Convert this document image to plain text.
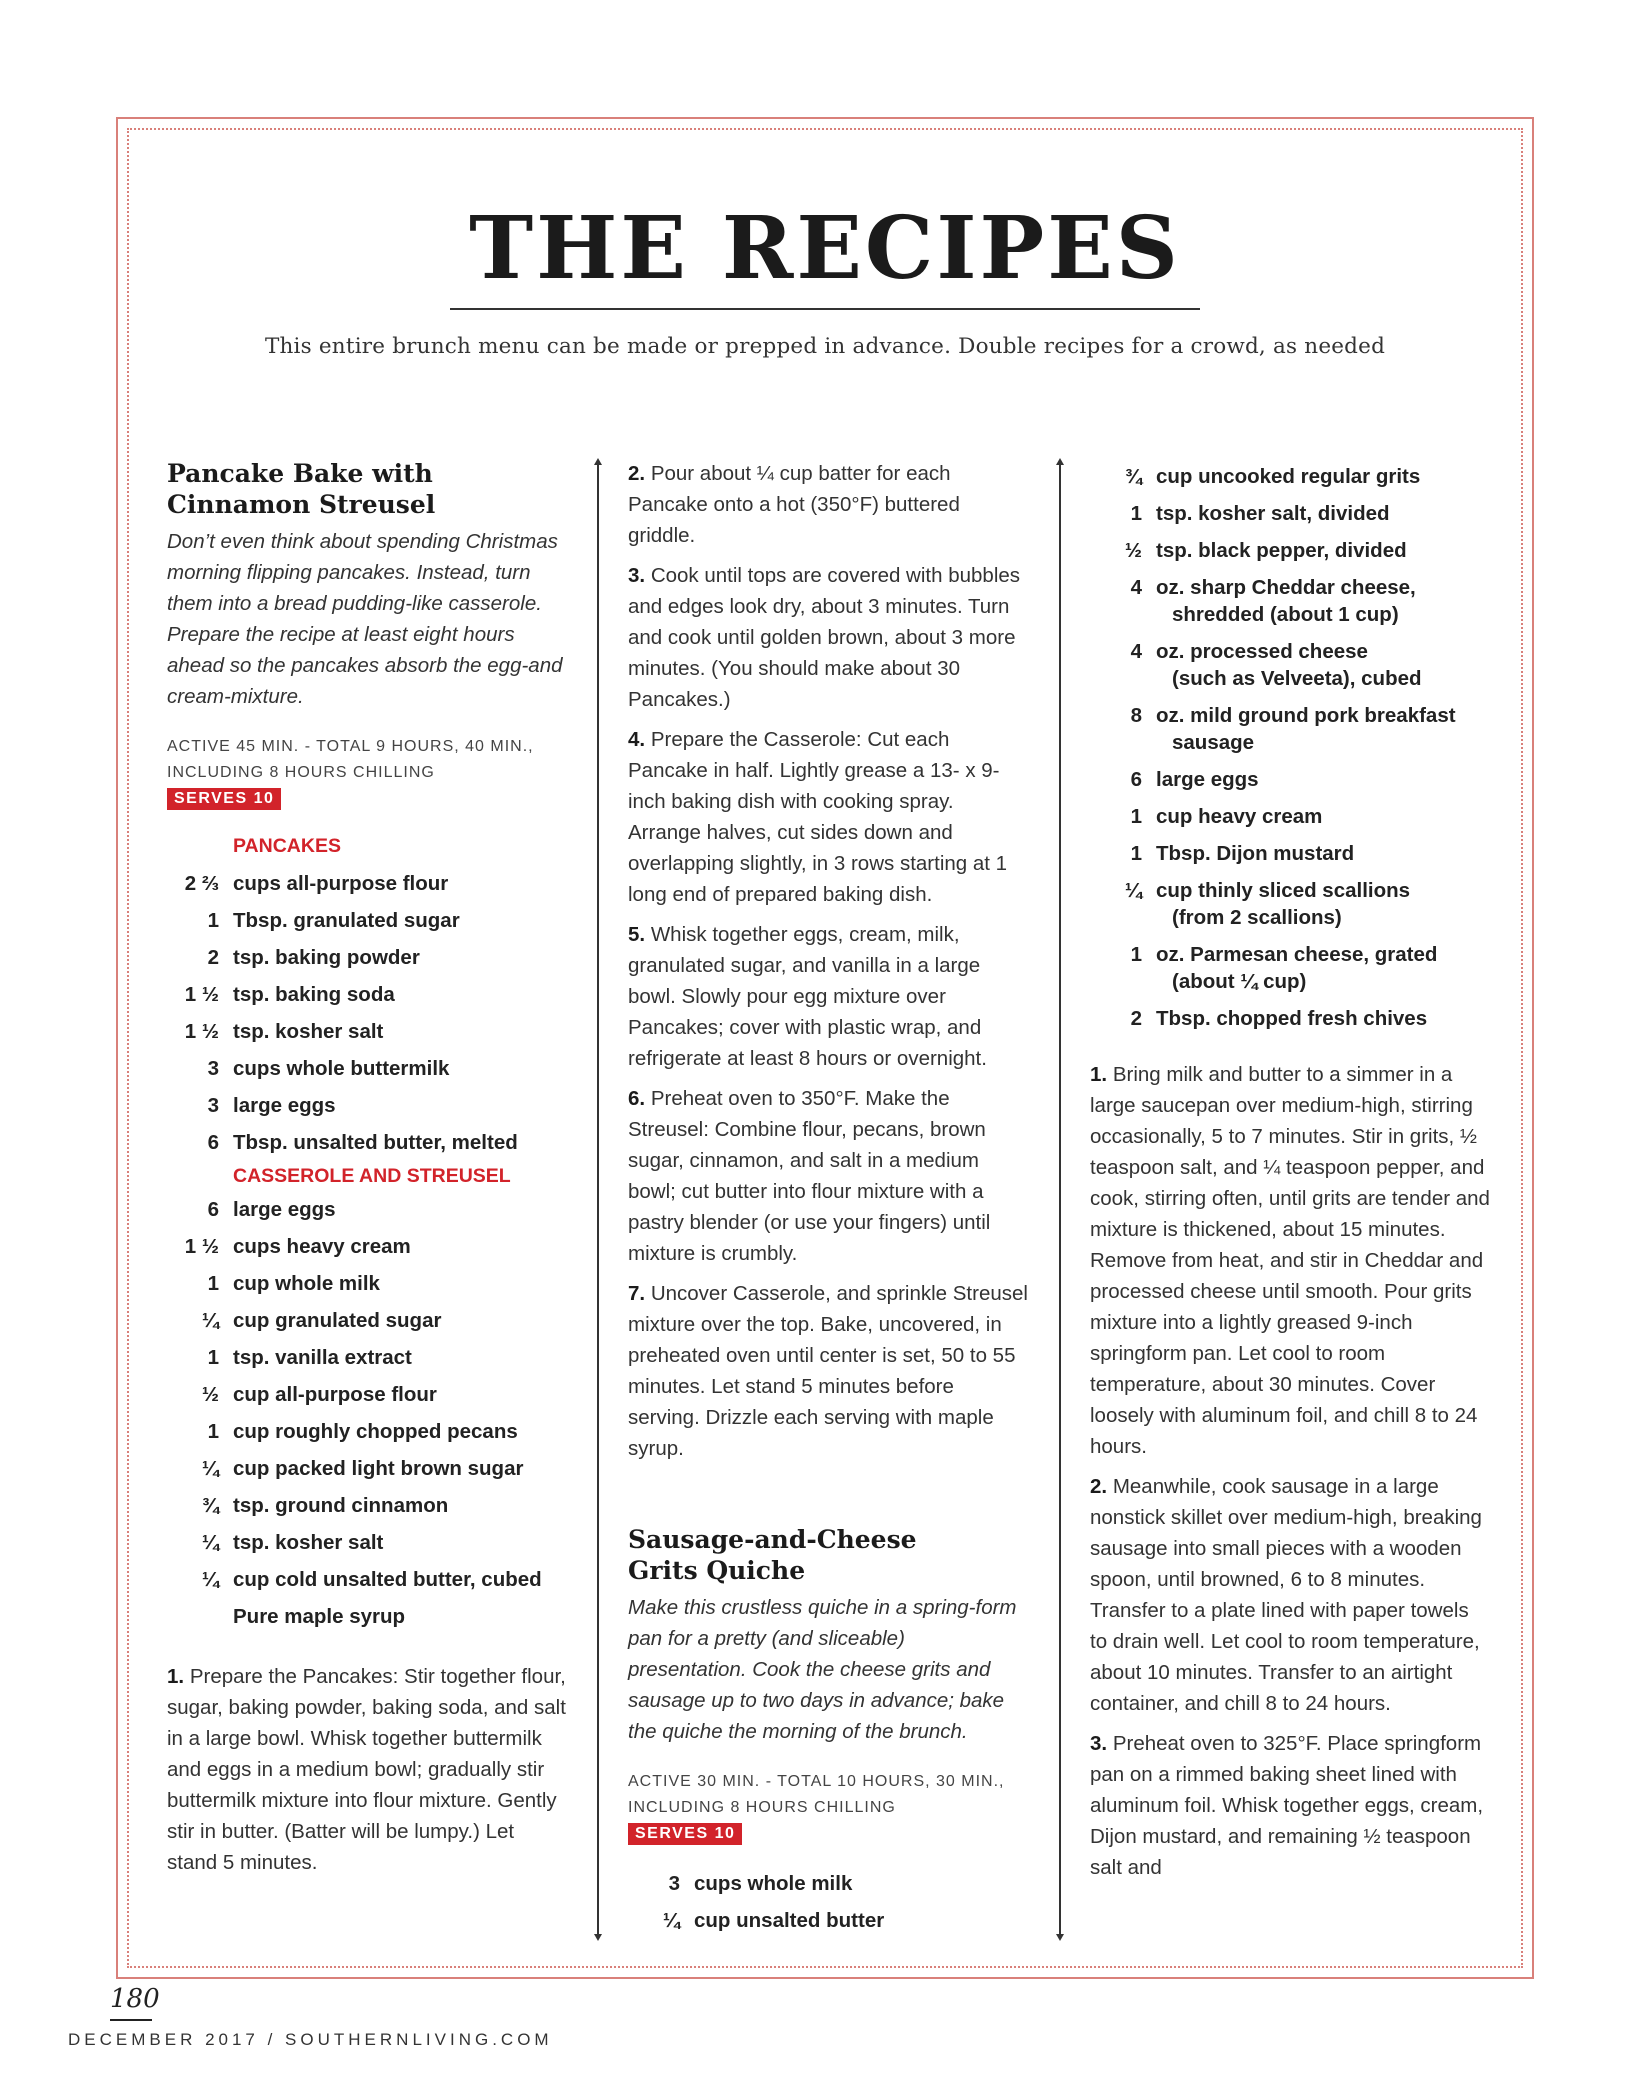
THE RECIPES

This entire brunch menu can be made or prepped in advance. Double recipes for a crowd, as needed

Pancake Bake with
Cinnamon Streusel

Don’t even think about spending Christmas morning flipping pancakes. Instead, turn them into a bread pudding-like casserole. Prepare the recipe at least eight hours ahead so the pancakes absorb the egg-and cream-mixture.

ACTIVE 45 MIN. - TOTAL 9 HOURS, 40 MIN.,
INCLUDING 8 HOURS CHILLING
SERVES 10
PANCAKES
2 ⅔ cups all-purpose flour
1 Tbsp. granulated sugar
2 tsp. baking powder
1 ½ tsp. baking soda
1 ½ tsp. kosher salt
3 cups whole buttermilk
3 large eggs
6 Tbsp. unsalted butter, melted
CASSEROLE AND STREUSEL
6 large eggs
1 ½ cups heavy cream
1 cup whole milk
¼ cup granulated sugar
1 tsp. vanilla extract
½ cup all-purpose flour
1 cup roughly chopped pecans
¼ cup packed light brown sugar
¾ tsp. ground cinnamon
¼ tsp. kosher salt
¼ cup cold unsalted butter, cubed
Pure maple syrup

1. Prepare the Pancakes: Stir together flour, sugar, baking powder, baking soda, and salt in a large bowl. Whisk together buttermilk and eggs in a medium bowl; gradually stir buttermilk mixture into flour mixture. Gently stir in butter. (Batter will be lumpy.) Let stand 5 minutes.

2. Pour about ¼ cup batter for each Pancake onto a hot (350°F) buttered griddle.

3. Cook until tops are covered with bubbles and edges look dry, about 3 minutes. Turn and cook until golden brown, about 3 more minutes. (You should make about 30 Pancakes.)

4. Prepare the Casserole: Cut each Pancake in half. Lightly grease a 13- x 9-inch baking dish with cooking spray. Arrange halves, cut sides down and overlapping slightly, in 3 rows starting at 1 long end of prepared baking dish.

5. Whisk together eggs, cream, milk, granulated sugar, and vanilla in a large bowl. Slowly pour egg mixture over Pancakes; cover with plastic wrap, and refrigerate at least 8 hours or overnight.

6. Preheat oven to 350°F. Make the Streusel: Combine flour, pecans, brown sugar, cinnamon, and salt in a medium bowl; cut butter into flour mixture with a pastry blender (or use your fingers) until mixture is crumbly.

7. Uncover Casserole, and sprinkle Streusel mixture over the top. Bake, uncovered, in preheated oven until center is set, 50 to 55 minutes. Let stand 5 minutes before serving. Drizzle each serving with maple syrup.

Sausage-and-Cheese
Grits Quiche

Make this crustless quiche in a spring-form pan for a pretty (and sliceable) presentation. Cook the cheese grits and sausage up to two days in advance; bake the quiche the morning of the brunch.

ACTIVE 30 MIN. - TOTAL 10 HOURS, 30 MIN.,
INCLUDING 8 HOURS CHILLING
SERVES 10
3 cups whole milk
¼ cup unsalted butter
¾ cup uncooked regular grits
1 tsp. kosher salt, divided
½ tsp. black pepper, divided
4 oz. sharp Cheddar cheese,
shredded (about 1 cup)
4 oz. processed cheese
(such as Velveeta), cubed
8 oz. mild ground pork breakfast
sausage
6 large eggs
1 cup heavy cream
1 Tbsp. Dijon mustard
¼ cup thinly sliced scallions
(from 2 scallions)
1 oz. Parmesan cheese, grated
(about ¼ cup)
2 Tbsp. chopped fresh chives

1. Bring milk and butter to a simmer in a large saucepan over medium-high, stirring occasionally, 5 to 7 minutes. Stir in grits, ½ teaspoon salt, and ¼ teaspoon pepper, and cook, stirring often, until grits are tender and mixture is thickened, about 15 minutes. Remove from heat, and stir in Cheddar and processed cheese until smooth. Pour grits mixture into a lightly greased 9-inch springform pan. Let cool to room temperature, about 30 minutes. Cover loosely with aluminum foil, and chill 8 to 24 hours.

2. Meanwhile, cook sausage in a large nonstick skillet over medium-high, breaking sausage into small pieces with a wooden spoon, until browned, 6 to 8 minutes. Transfer to a plate lined with paper towels to drain well. Let cool to room temperature, about 10 minutes. Transfer to an airtight container, and chill 8 to 24 hours.

3. Preheat oven to 325°F. Place springform pan on a rimmed baking sheet lined with aluminum foil. Whisk together eggs, cream, Dijon mustard, and remaining ½ teaspoon salt and

180
DECEMBER 2017 / SOUTHERNLIVING.COM
